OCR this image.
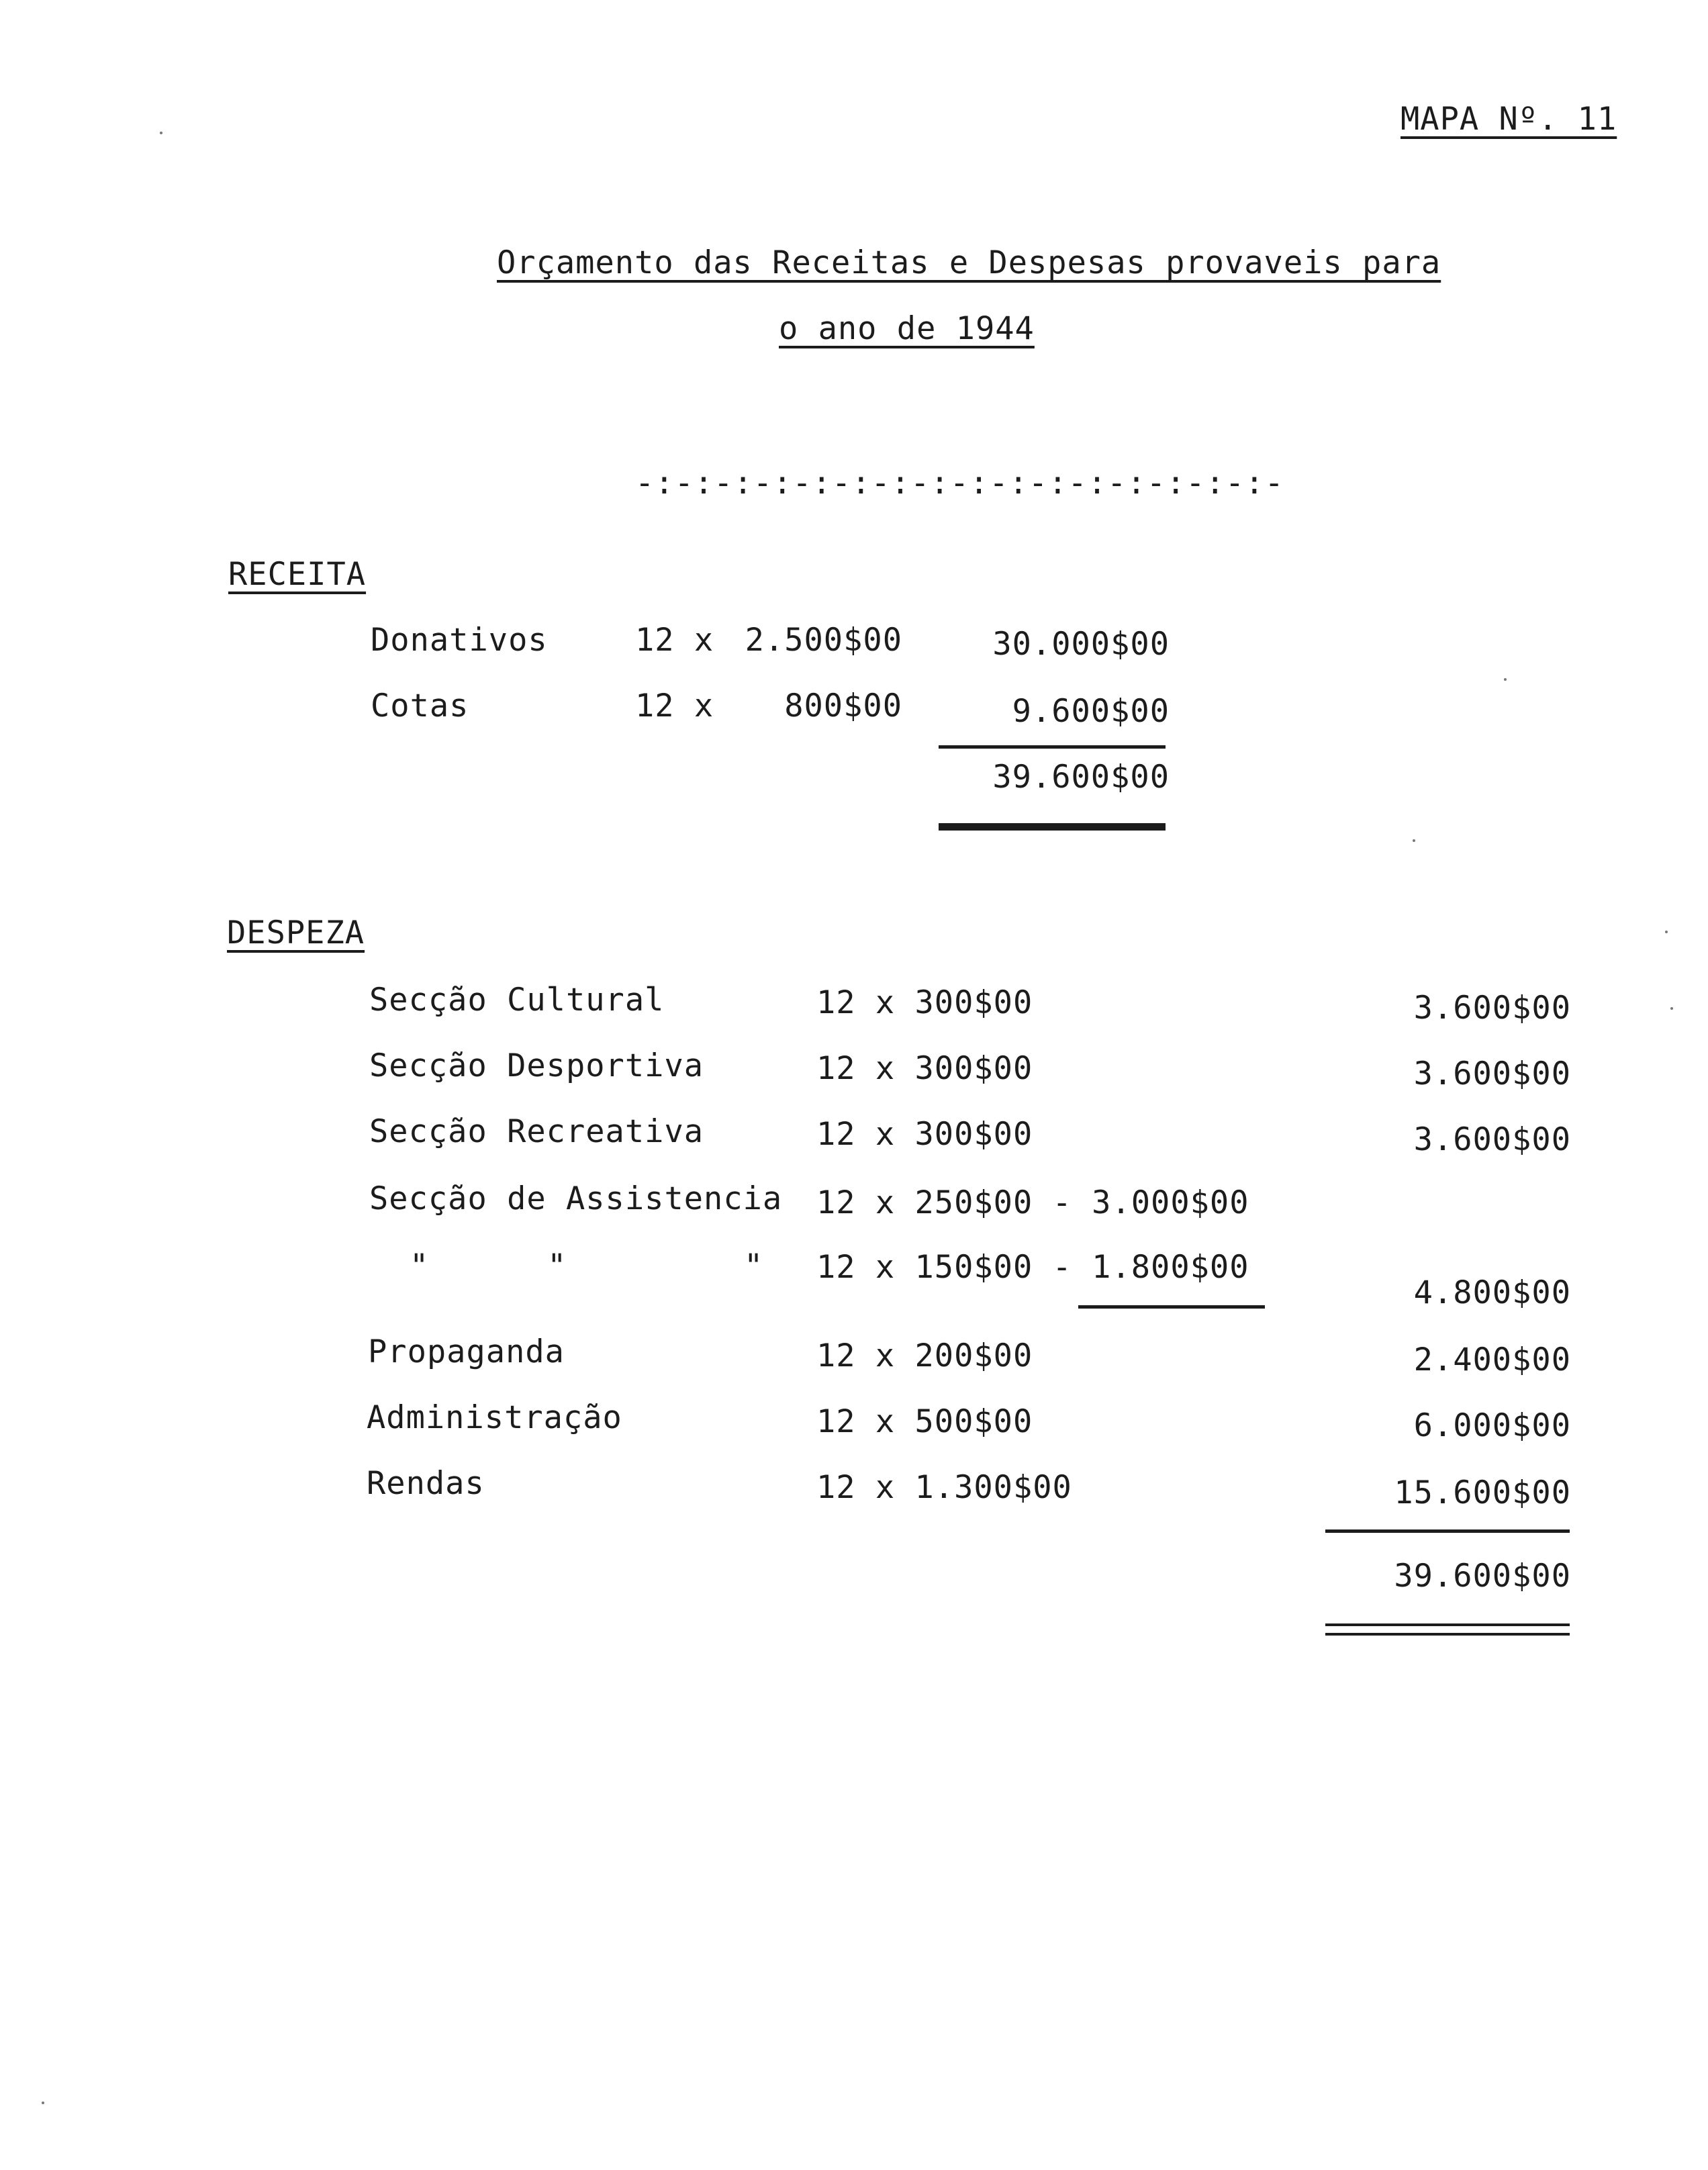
MAPA Nº. 11
Orçamento das Receitas e Despesas provaveis para
o ano de 1944
-:-:-:-:-:-:-:-:-:-:-:-:-:-:-:-:-
RECEITA
Donativos	12 x 2.500$00	30.000$00
Cotas	12 x	800$00	9.600$00
39.600$00
DESPEZA
Secção Cultural	12 x 300$00	3.600$00
Secção Desportiva	12 x 300$00	3.600$00
Secção Recreativa	12 x 300$00	3.600$00
Secção de Assistencia 12 x 250$00 - 3.000$00
"      "         " 12 x 150$00 - 1.800$00
4.800$00
Propaganda	12 x 200$00	2.400$00
Administração	12 x 500$00	6.000$00
Rendas	12 x 1.300$00	15.600$00
39.600$00
